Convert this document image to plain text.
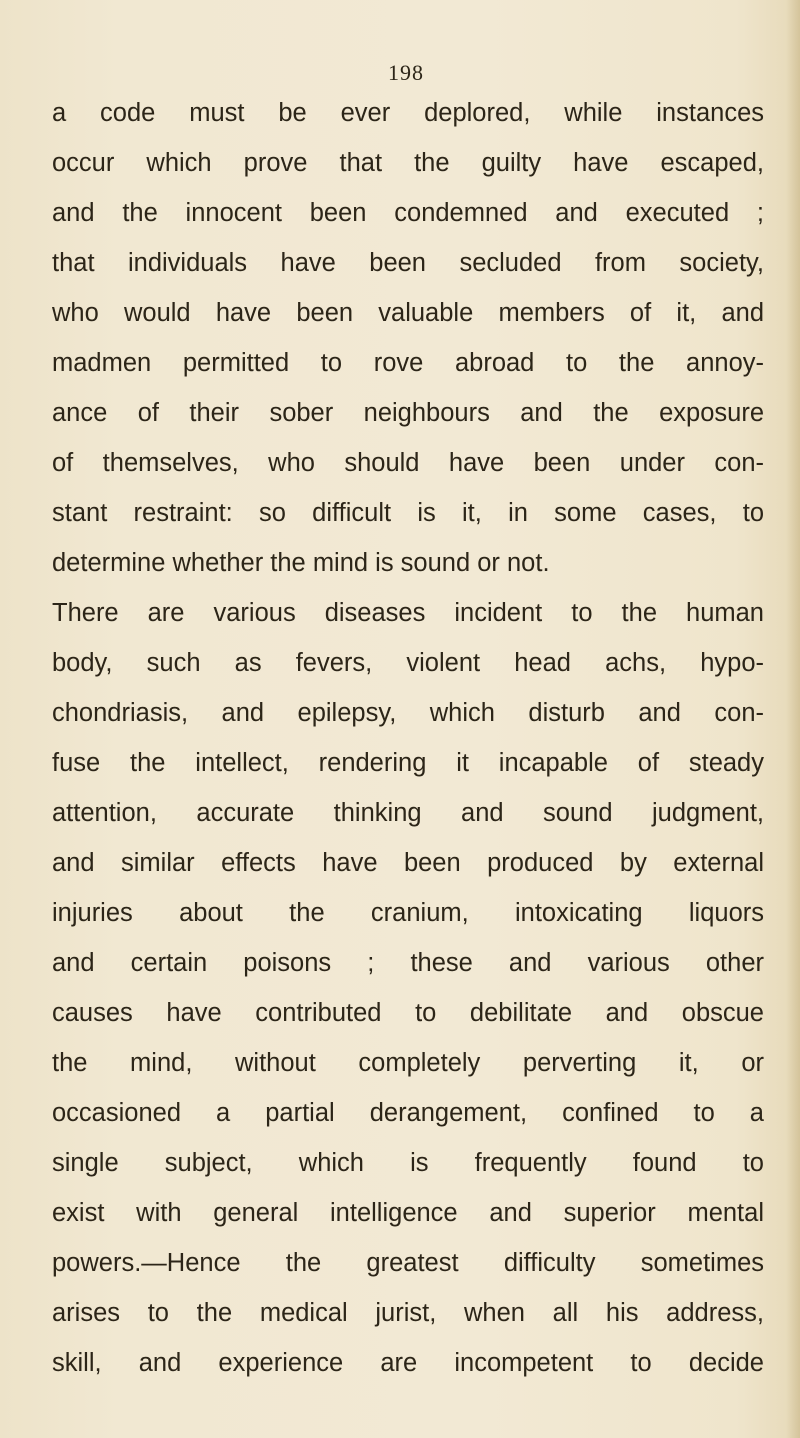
198
a code must be ever deplored, while instances
occur which prove that the guilty have escaped,
and the innocent been condemned and executed ;
that individuals have been secluded from society,
who would have been valuable members of it, and
madmen permitted to rove abroad to the annoy-
ance of their sober neighbours and the exposure
of themselves, who should have been under con-
stant restraint: so difficult is it, in some cases, to
determine whether the mind is sound or not.
There are various diseases incident to the human
body, such as fevers, violent head achs, hypo-
chondriasis, and epilepsy, which disturb and con-
fuse the intellect, rendering it incapable of steady
attention, accurate thinking and sound judgment,
and similar effects have been produced by external
injuries about the cranium, intoxicating liquors
and certain poisons ; these and various other
causes have contributed to debilitate and obscue
the mind, without completely perverting it, or
occasioned a partial derangement, confined to a
single subject, which is frequently found to
exist with general intelligence and superior mental
powers.—Hence the greatest difficulty sometimes
arises to the medical jurist, when all his address,
skill, and experience are incompetent to decide
